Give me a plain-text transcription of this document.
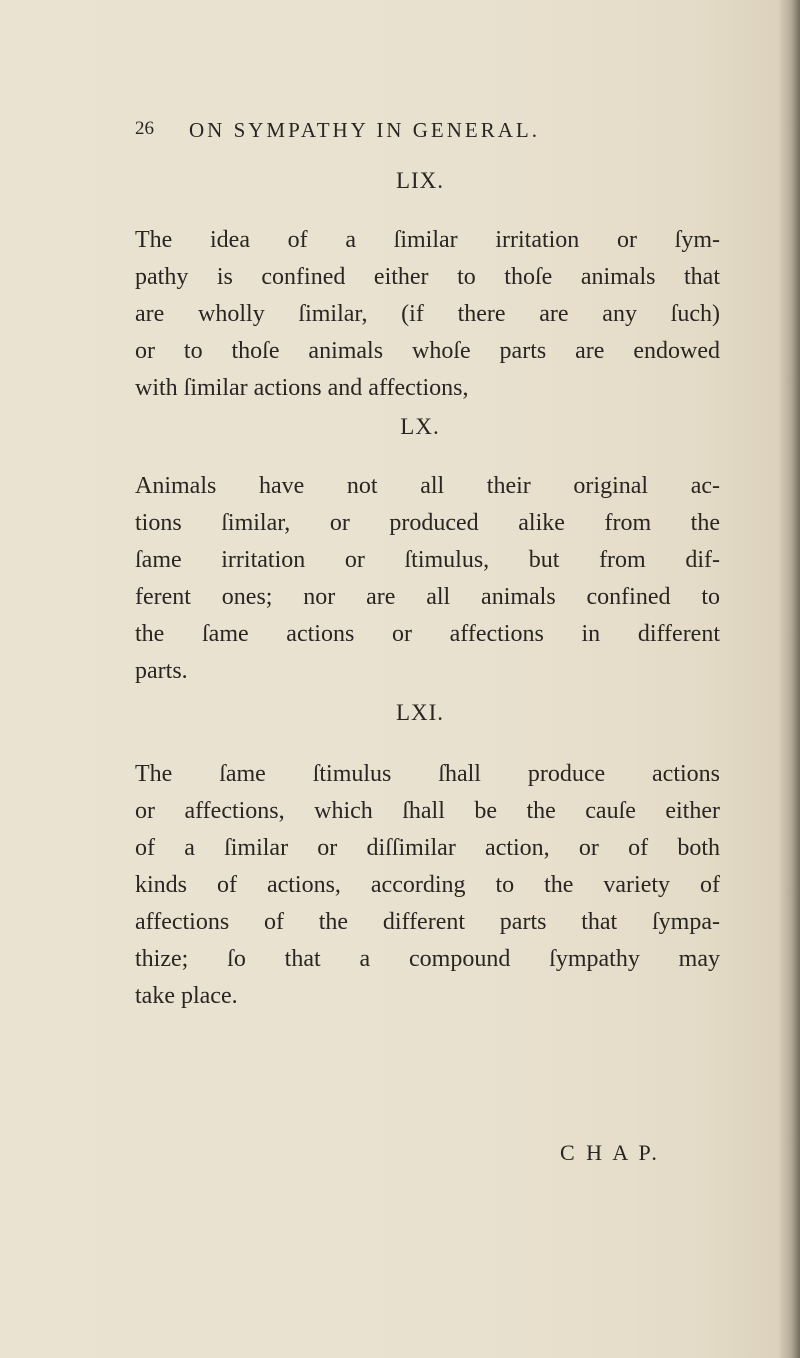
26 ON SYMPATHY IN GENERAL.
LIX.
The idea of a ſimilar irritation or ſym-
pathy is confined either to thoſe animals that
are wholly ſimilar, (if there are any ſuch)
or to thoſe animals whoſe parts are endowed
with ſimilar actions and affections,
LX.
Animals have not all their original ac-
tions ſimilar, or produced alike from the
ſame irritation or ſtimulus, but from dif-
ferent ones; nor are all animals confined to
the ſame actions or affections in different
parts.
LXI.
The ſame ſtimulus ſhall produce actions
or affections, which ſhall be the cauſe either
of a ſimilar or diſſimilar action, or of both
kinds of actions, according to the variety of
affections of the different parts that ſympa-
thize; ſo that a compound ſympathy may
take place.
C H A P.
